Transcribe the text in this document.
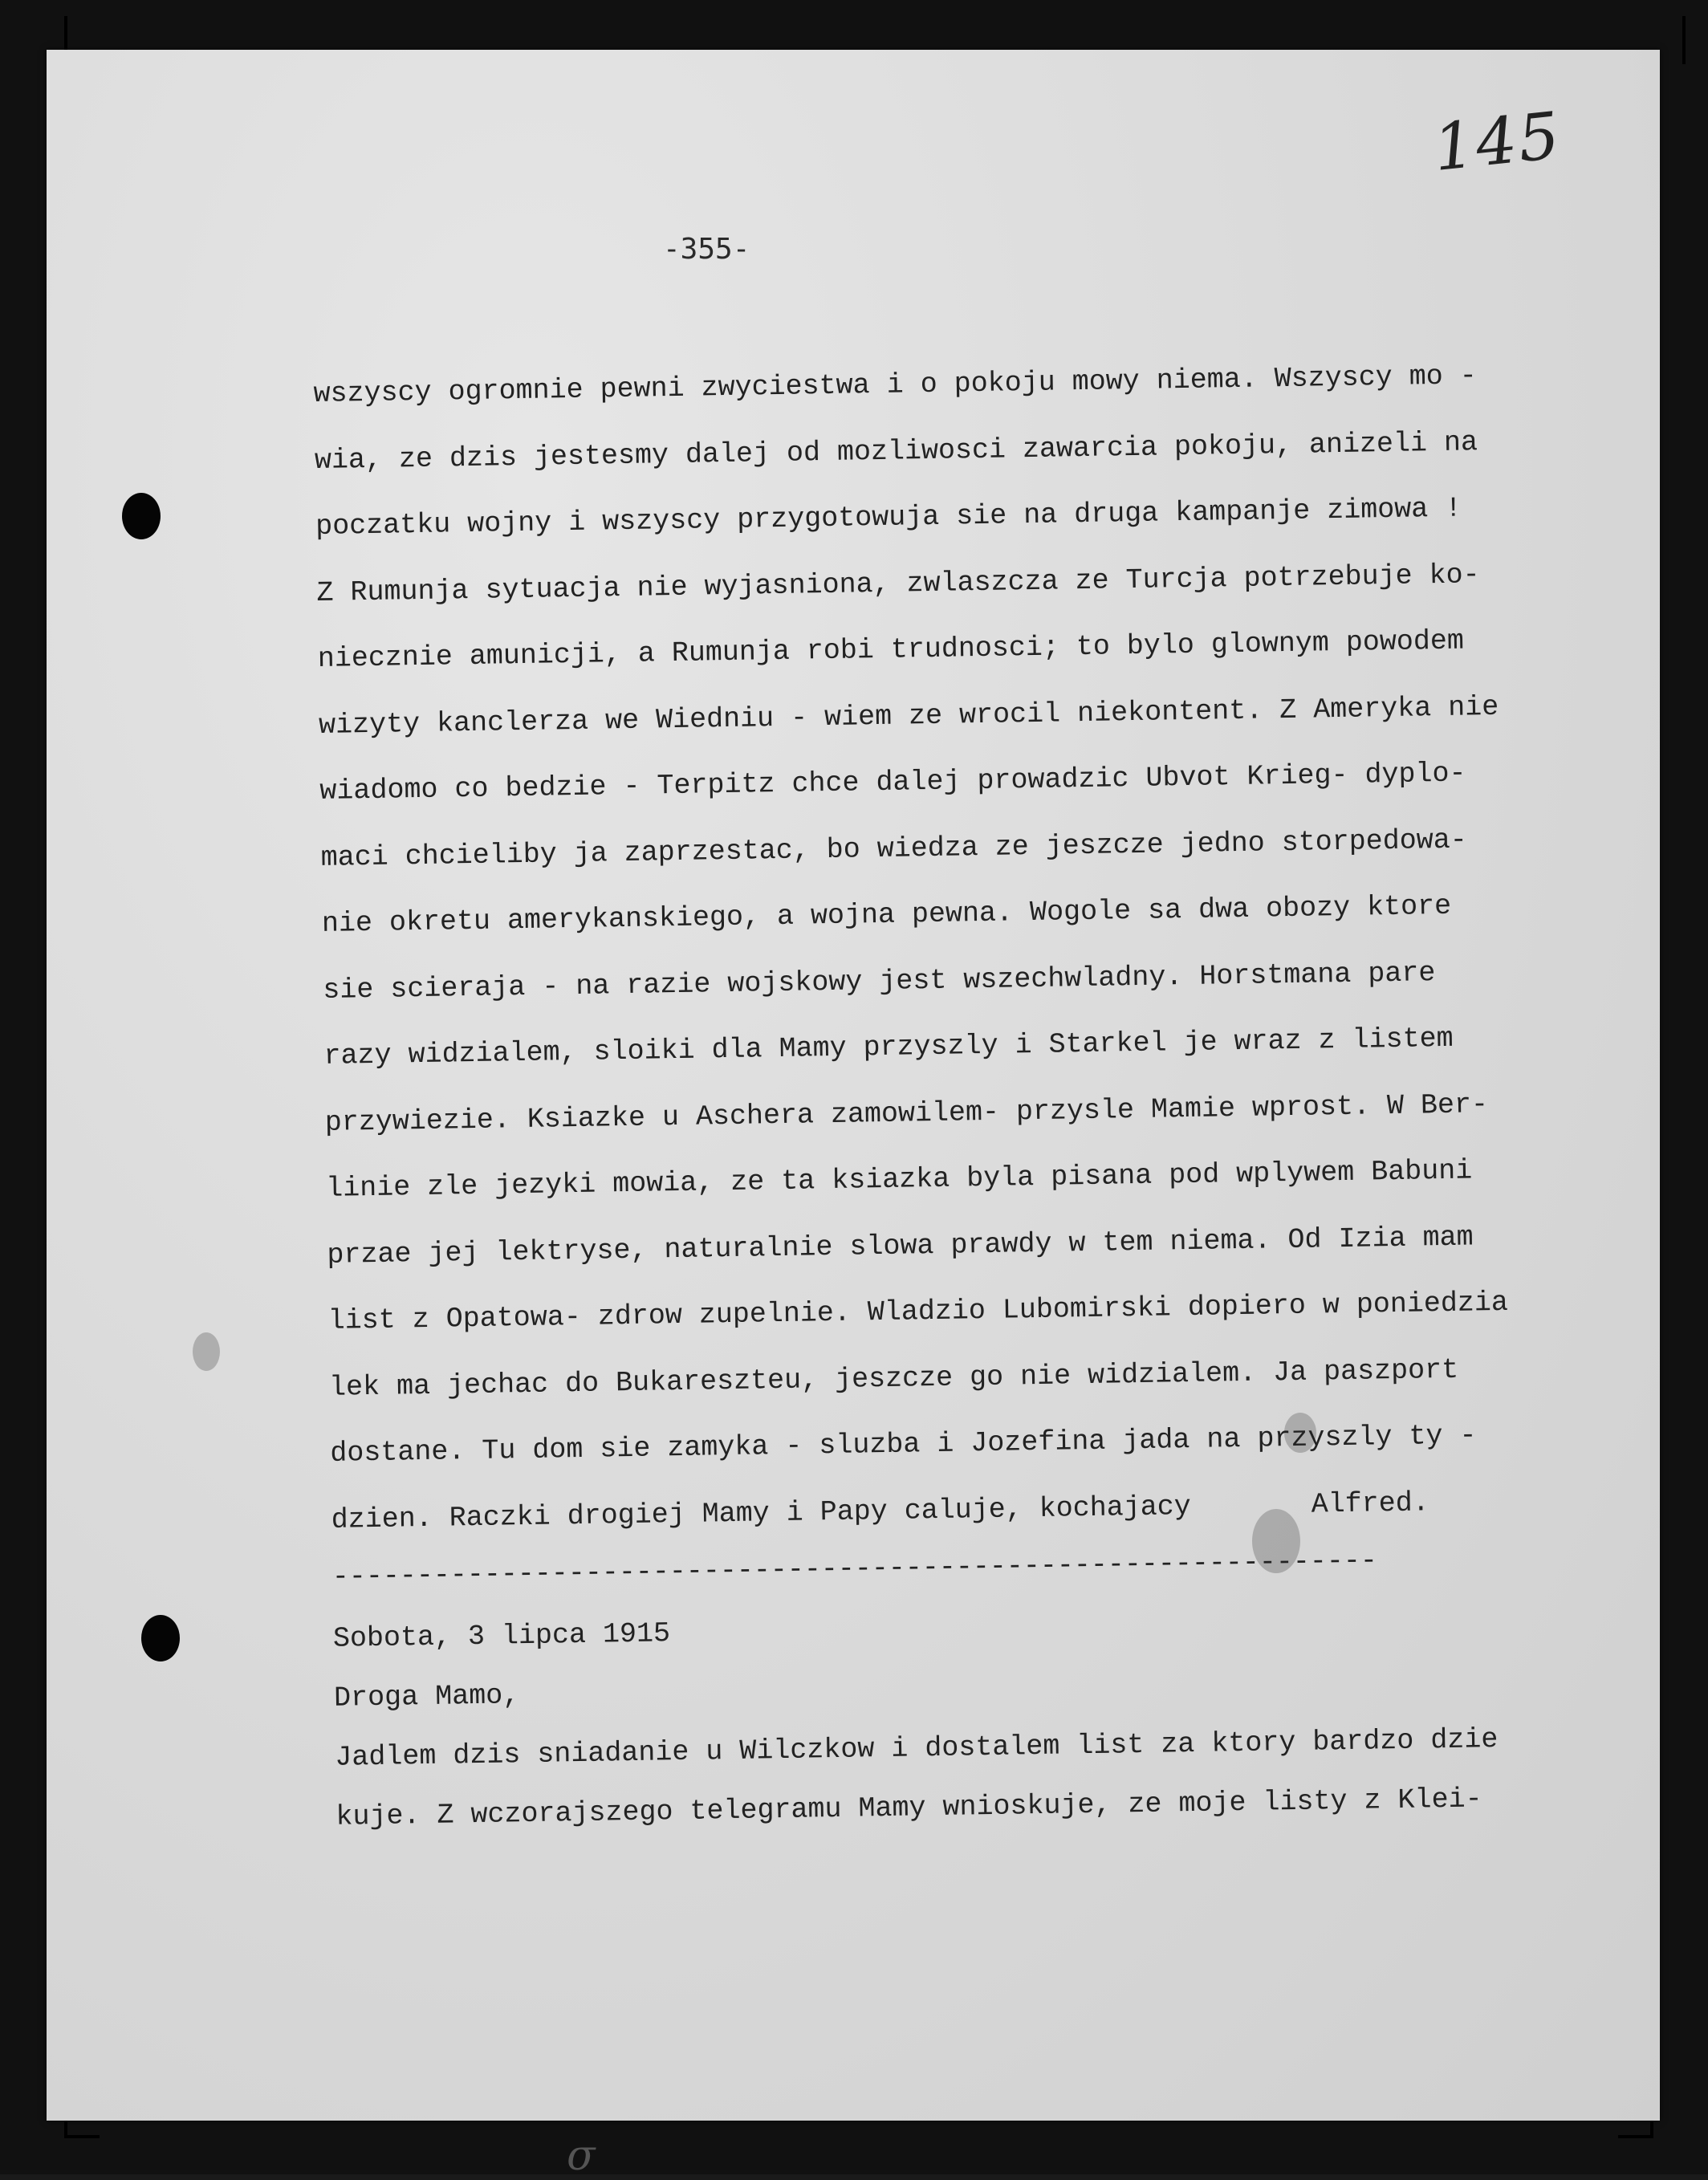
145
-355-
wszyscy ogromnie pewni zwyciestwa i o pokoju mowy niema. Wszyscy mo -
wia, ze dzis jestesmy dalej od mozliwosci zawarcia pokoju, anizeli na
poczatku wojny i wszyscy przygotowuja sie na druga kampanje zimowa !
Z Rumunja sytuacja nie wyjasniona, zwlaszcza ze Turcja potrzebuje ko-
niecznie amunicji, a Rumunja robi trudnosci; to bylo glownym powodem
wizyty kanclerza we Wiedniu - wiem ze wrocil niekontent. Z Ameryka nie
wiadomo co bedzie - Terpitz chce dalej prowadzic Ubvot Krieg- dyplo-
maci chcieliby ja zaprzestac, bo wiedza ze jeszcze jedno storpedowa-
nie okretu amerykanskiego, a wojna pewna. Wogole sa dwa obozy ktore
sie scieraja - na razie wojskowy jest wszechwladny. Horstmana pare
razy widzialem, sloiki dla Mamy przyszly i Starkel je wraz z listem
przywiezie. Ksiazke u Aschera zamowilem- przysle Mamie wprost. W Ber-
linie zle jezyki mowia, ze ta ksiazka byla pisana pod wplywem Babuni
przae jej lektryse, naturalnie slowa prawdy w tem niema. Od Izia mam
list z Opatowa- zdrow zupelnie. Wladzio Lubomirski dopiero w poniedzia
lek ma jechac do Bukareszteu, jeszcze go nie widzialem. Ja paszport
dostane. Tu dom sie zamyka - sluzba i Jozefina jada na przyszly ty -
dzien. Raczki drogiej Mamy i Papy caluje, kochajacy	Alfred.
--------------------------------------------------------------
Sobota, 3 lipca 1915
Droga Mamo,
Jadlem dzis sniadanie u Wilczkow i dostalem list za ktory bardzo dzie
kuje. Z wczorajszego telegramu Mamy wnioskuje, ze moje listy z Klei-
σ
